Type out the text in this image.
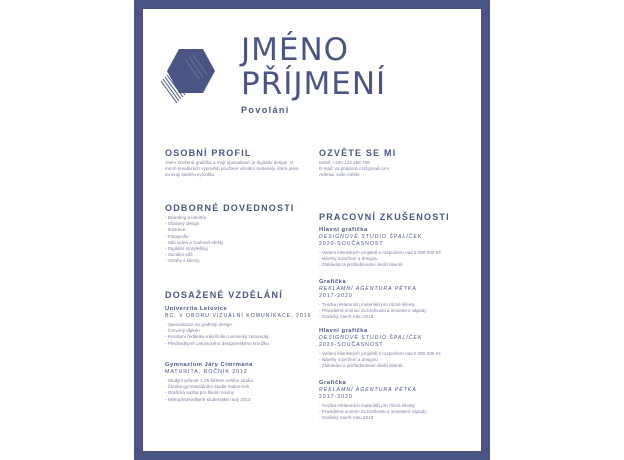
JMÉNO
PŘÍJMENÍ
Povolání
OSOBNÍ PROFIL

Jsem zkušená grafička a mojí specializací je digitální design. O mnoh kreativních výpovědí použavé vizuální materiály, které jsem za svoji kariéru vytvořila.

ODBORNÉ DOVEDNOSTI
- Branding a identita
- Obalový design
- Ilustrace
- Fotografie
- Stih videa a zvukové efekty
- Digitální storytelling
- Sociální sítě
- Vztahy s klienty
DOSAŽENÉ VZDĚLÁNÍ
Univerzita Letovice
BC. V OBORU VIZUÁLNÍ KOMUNIKACE, 2016
- Specializace na grafický design
- Červený diplom
- Kreativní ředitelka měsíčníku Letovický zpravodaj
- Předsedkyně Letovického designérského kroužku
Gymnazium Járy Cimrmana
MATURITA, ROČNÍK 2012
- Studijní průměr 1,25 během celého studia
- Členka gymnaziálního studia malomírek
- Grafická sazba pro školní noviny
- Místopředsedkyně studentské rady 2012
OZVĚTE SE MI
Mobil: +420 123 456 789
E-mail: va.podpora.cz@gmail.com
Adresa: vaše město
PRACOVNÍ ZKUŠENOSTI
Hlavní grafička
DESIGNOVÉ STUDIO ŠPALÍČEK
2020-SOUČASNOST
- Vedení klientských projektů s rozpočtem nad 5 000 000 Kč
- Návrhy rozvržení a designu
- Získávání a profitubsování úkolů klientů
Grafička
REKLAMNÍ AGENTURA PĚTKA
2017-2020
- Tvorba reklamních materiálů pro různé klienty
- Pravidelná oceniní za brořivosti a inovativní nápady
- Grafický návrh roku 2018
Hlavní grafička
DESIGNOVÉ STUDIO ŠPALÍČEK
2020-SOUČASNOST
- Vedení klientských projektů s rozpočtem nad 5 000 000 Kč
- Návrhy rozvržení a designu
- Získávání a profitubsování úkolů klientů
Grafička
REKLAMNÍ AGENTURA PĚTKA
2017-2020
- Tvorba reklamních materiálů pro různé klienty
- Pravidelná oceniní za brořivosti a inovativní nápady
- Grafický návrh roku 2018
